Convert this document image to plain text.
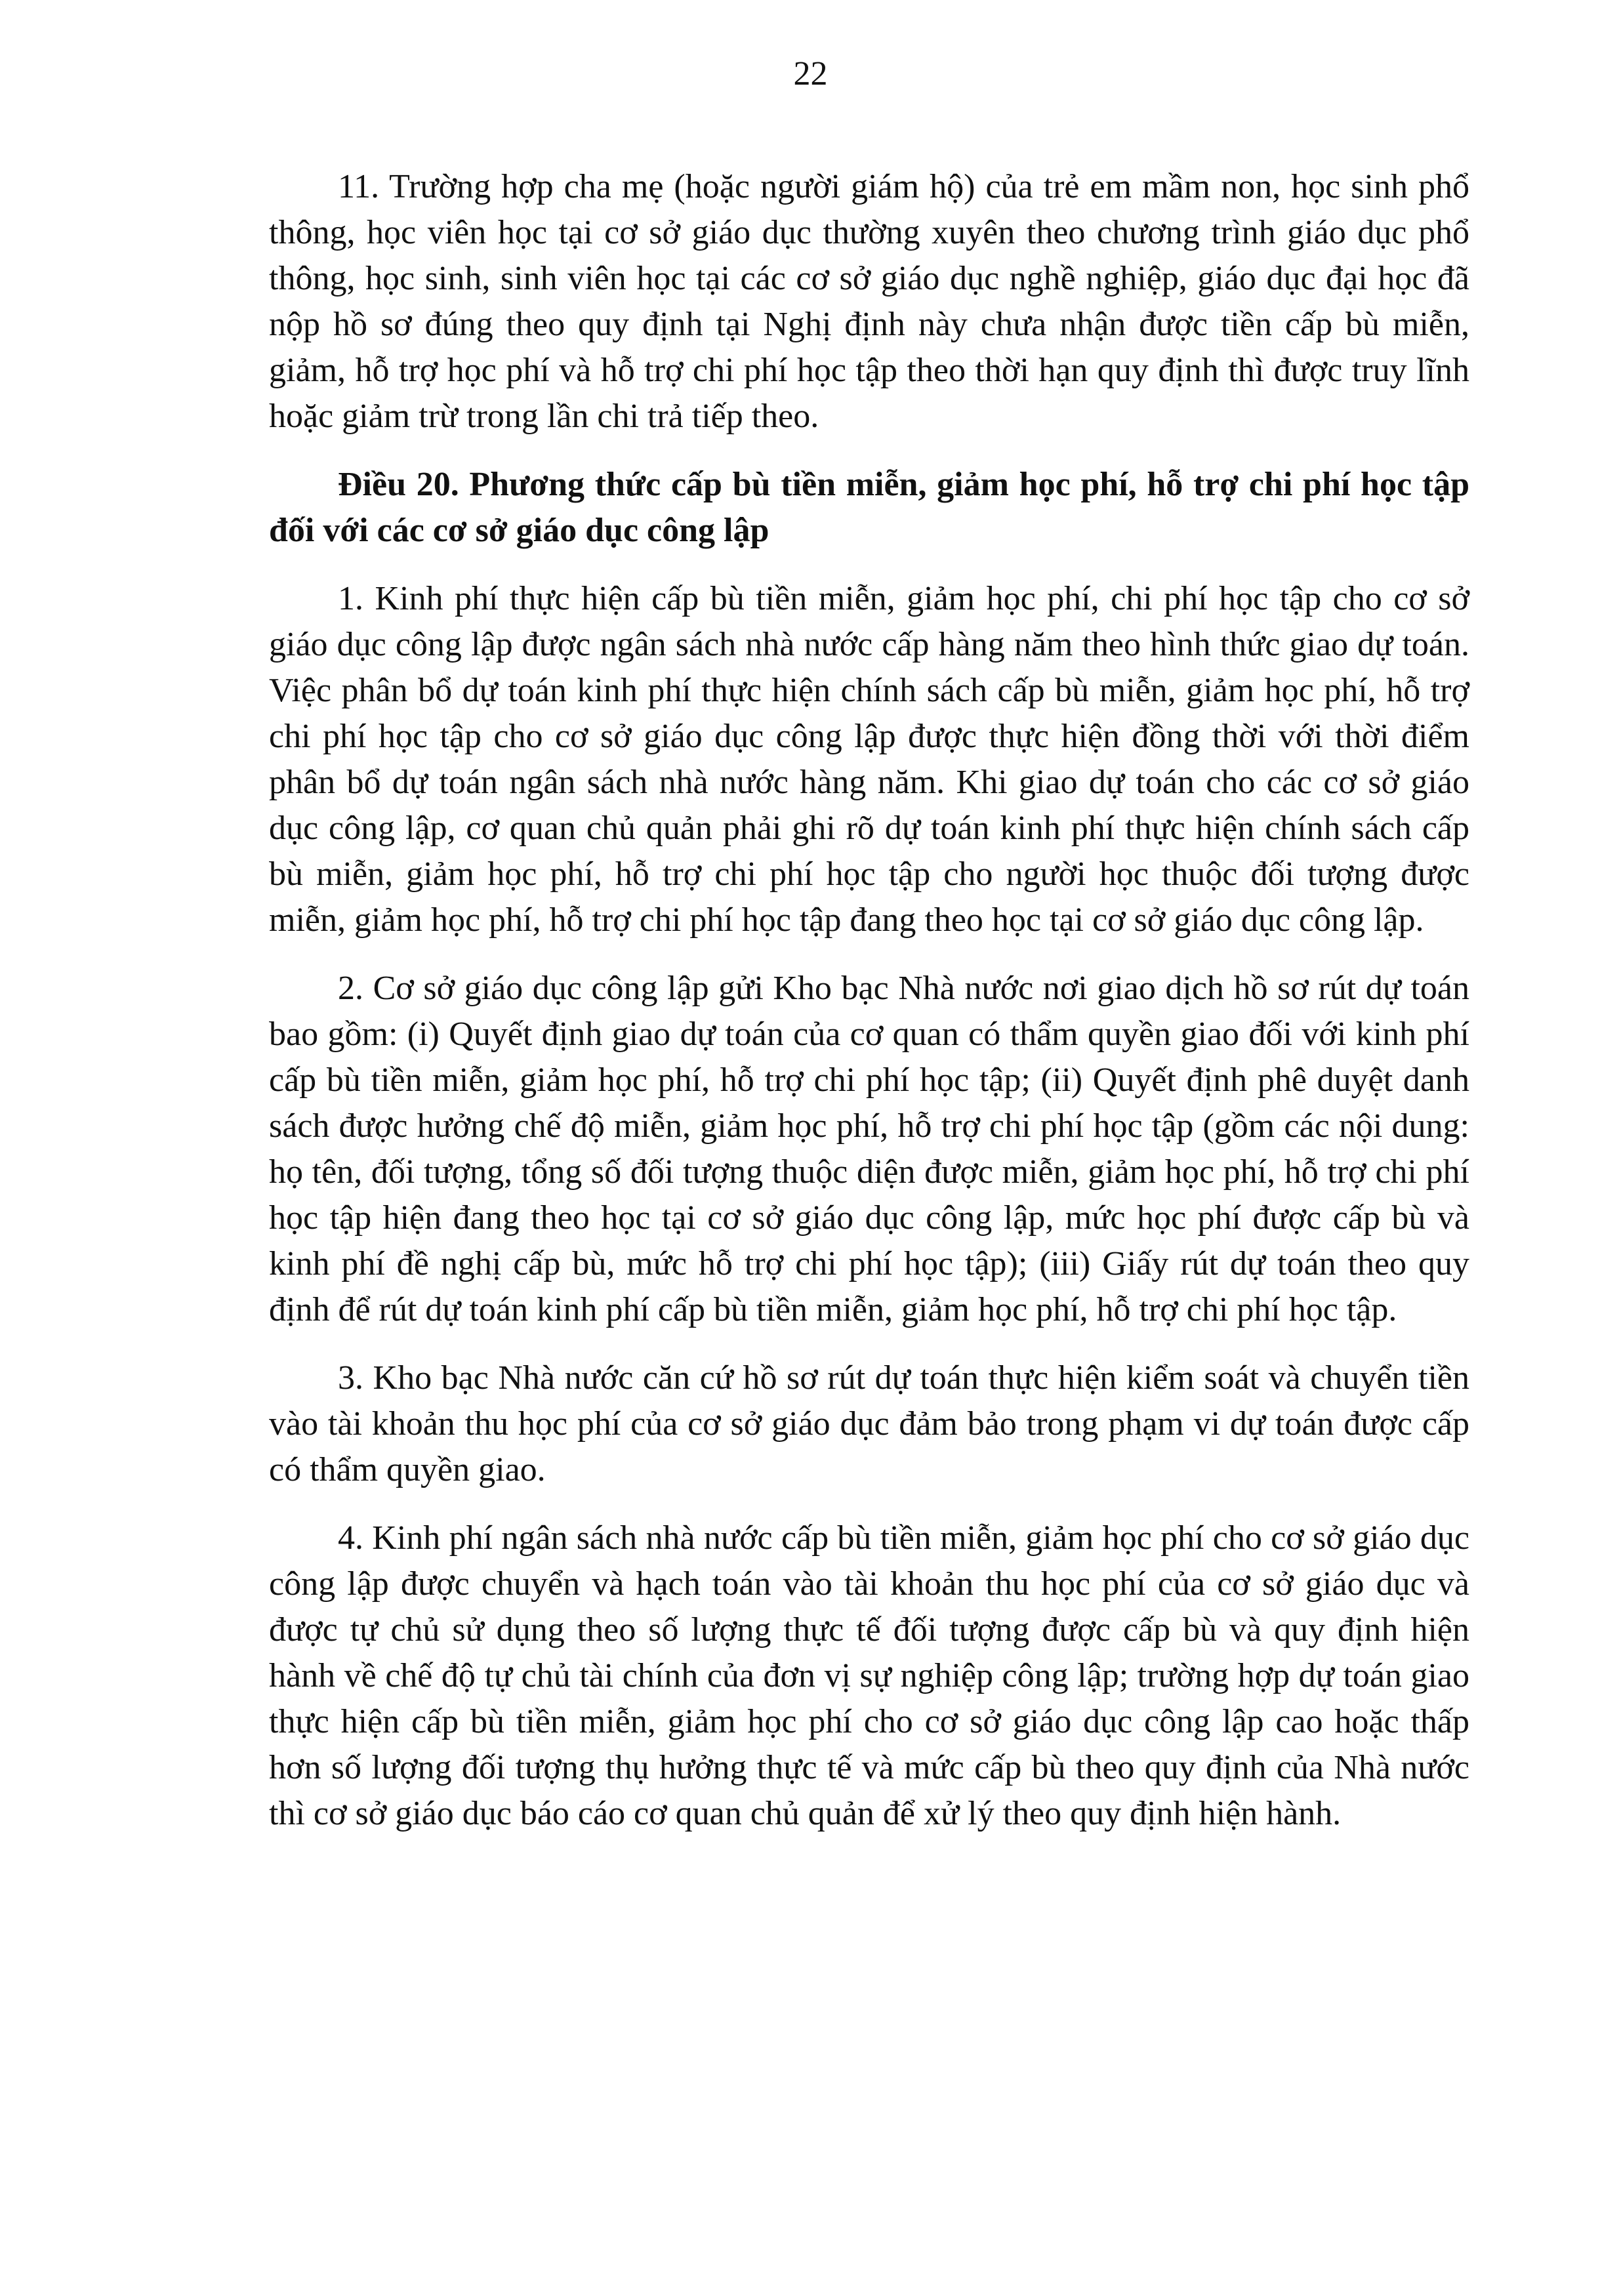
22

11. Trường hợp cha mẹ (hoặc người giám hộ) của trẻ em mầm non, học sinh phổ thông, học viên học tại cơ sở giáo dục thường xuyên theo chương trình giáo dục phổ thông, học sinh, sinh viên học tại các cơ sở giáo dục nghề nghiệp, giáo dục đại học đã nộp hồ sơ đúng theo quy định tại Nghị định này chưa nhận được tiền cấp bù miễn, giảm, hỗ trợ học phí và hỗ trợ chi phí học tập theo thời hạn quy định thì được truy lĩnh hoặc giảm trừ trong lần chi trả tiếp theo.

Điều 20. Phương thức cấp bù tiền miễn, giảm học phí, hỗ trợ chi phí học tập đối với các cơ sở giáo dục công lập

1. Kinh phí thực hiện cấp bù tiền miễn, giảm học phí, chi phí học tập cho cơ sở giáo dục công lập được ngân sách nhà nước cấp hàng năm theo hình thức giao dự toán. Việc phân bổ dự toán kinh phí thực hiện chính sách cấp bù miễn, giảm học phí, hỗ trợ chi phí học tập cho cơ sở giáo dục công lập được thực hiện đồng thời với thời điểm phân bổ dự toán ngân sách nhà nước hàng năm. Khi giao dự toán cho các cơ sở giáo dục công lập, cơ quan chủ quản phải ghi rõ dự toán kinh phí thực hiện chính sách cấp bù miễn, giảm học phí, hỗ trợ chi phí học tập cho người học thuộc đối tượng được miễn, giảm học phí, hỗ trợ chi phí học tập đang theo học tại cơ sở giáo dục công lập.

2. Cơ sở giáo dục công lập gửi Kho bạc Nhà nước nơi giao dịch hồ sơ rút dự toán bao gồm: (i) Quyết định giao dự toán của cơ quan có thẩm quyền giao đối với kinh phí cấp bù tiền miễn, giảm học phí, hỗ trợ chi phí học tập; (ii) Quyết định phê duyệt danh sách được hưởng chế độ miễn, giảm học phí, hỗ trợ chi phí học tập (gồm các nội dung: họ tên, đối tượng, tổng số đối tượng thuộc diện được miễn, giảm học phí, hỗ trợ chi phí học tập hiện đang theo học tại cơ sở giáo dục công lập, mức học phí được cấp bù và kinh phí đề nghị cấp bù, mức hỗ trợ chi phí học tập); (iii) Giấy rút dự toán theo quy định để rút dự toán kinh phí cấp bù tiền miễn, giảm học phí, hỗ trợ chi phí học tập.

3. Kho bạc Nhà nước căn cứ hồ sơ rút dự toán thực hiện kiểm soát và chuyển tiền vào tài khoản thu học phí của cơ sở giáo dục đảm bảo trong phạm vi dự toán được cấp có thẩm quyền giao.

4. Kinh phí ngân sách nhà nước cấp bù tiền miễn, giảm học phí cho cơ sở giáo dục công lập được chuyển và hạch toán vào tài khoản thu học phí của cơ sở giáo dục và được tự chủ sử dụng theo số lượng thực tế đối tượng được cấp bù và quy định hiện hành về chế độ tự chủ tài chính của đơn vị sự nghiệp công lập; trường hợp dự toán giao thực hiện cấp bù tiền miễn, giảm học phí cho cơ sở giáo dục công lập cao hoặc thấp hơn số lượng đối tượng thụ hưởng thực tế và mức cấp bù theo quy định của Nhà nước thì cơ sở giáo dục báo cáo cơ quan chủ quản để xử lý theo quy định hiện hành.
